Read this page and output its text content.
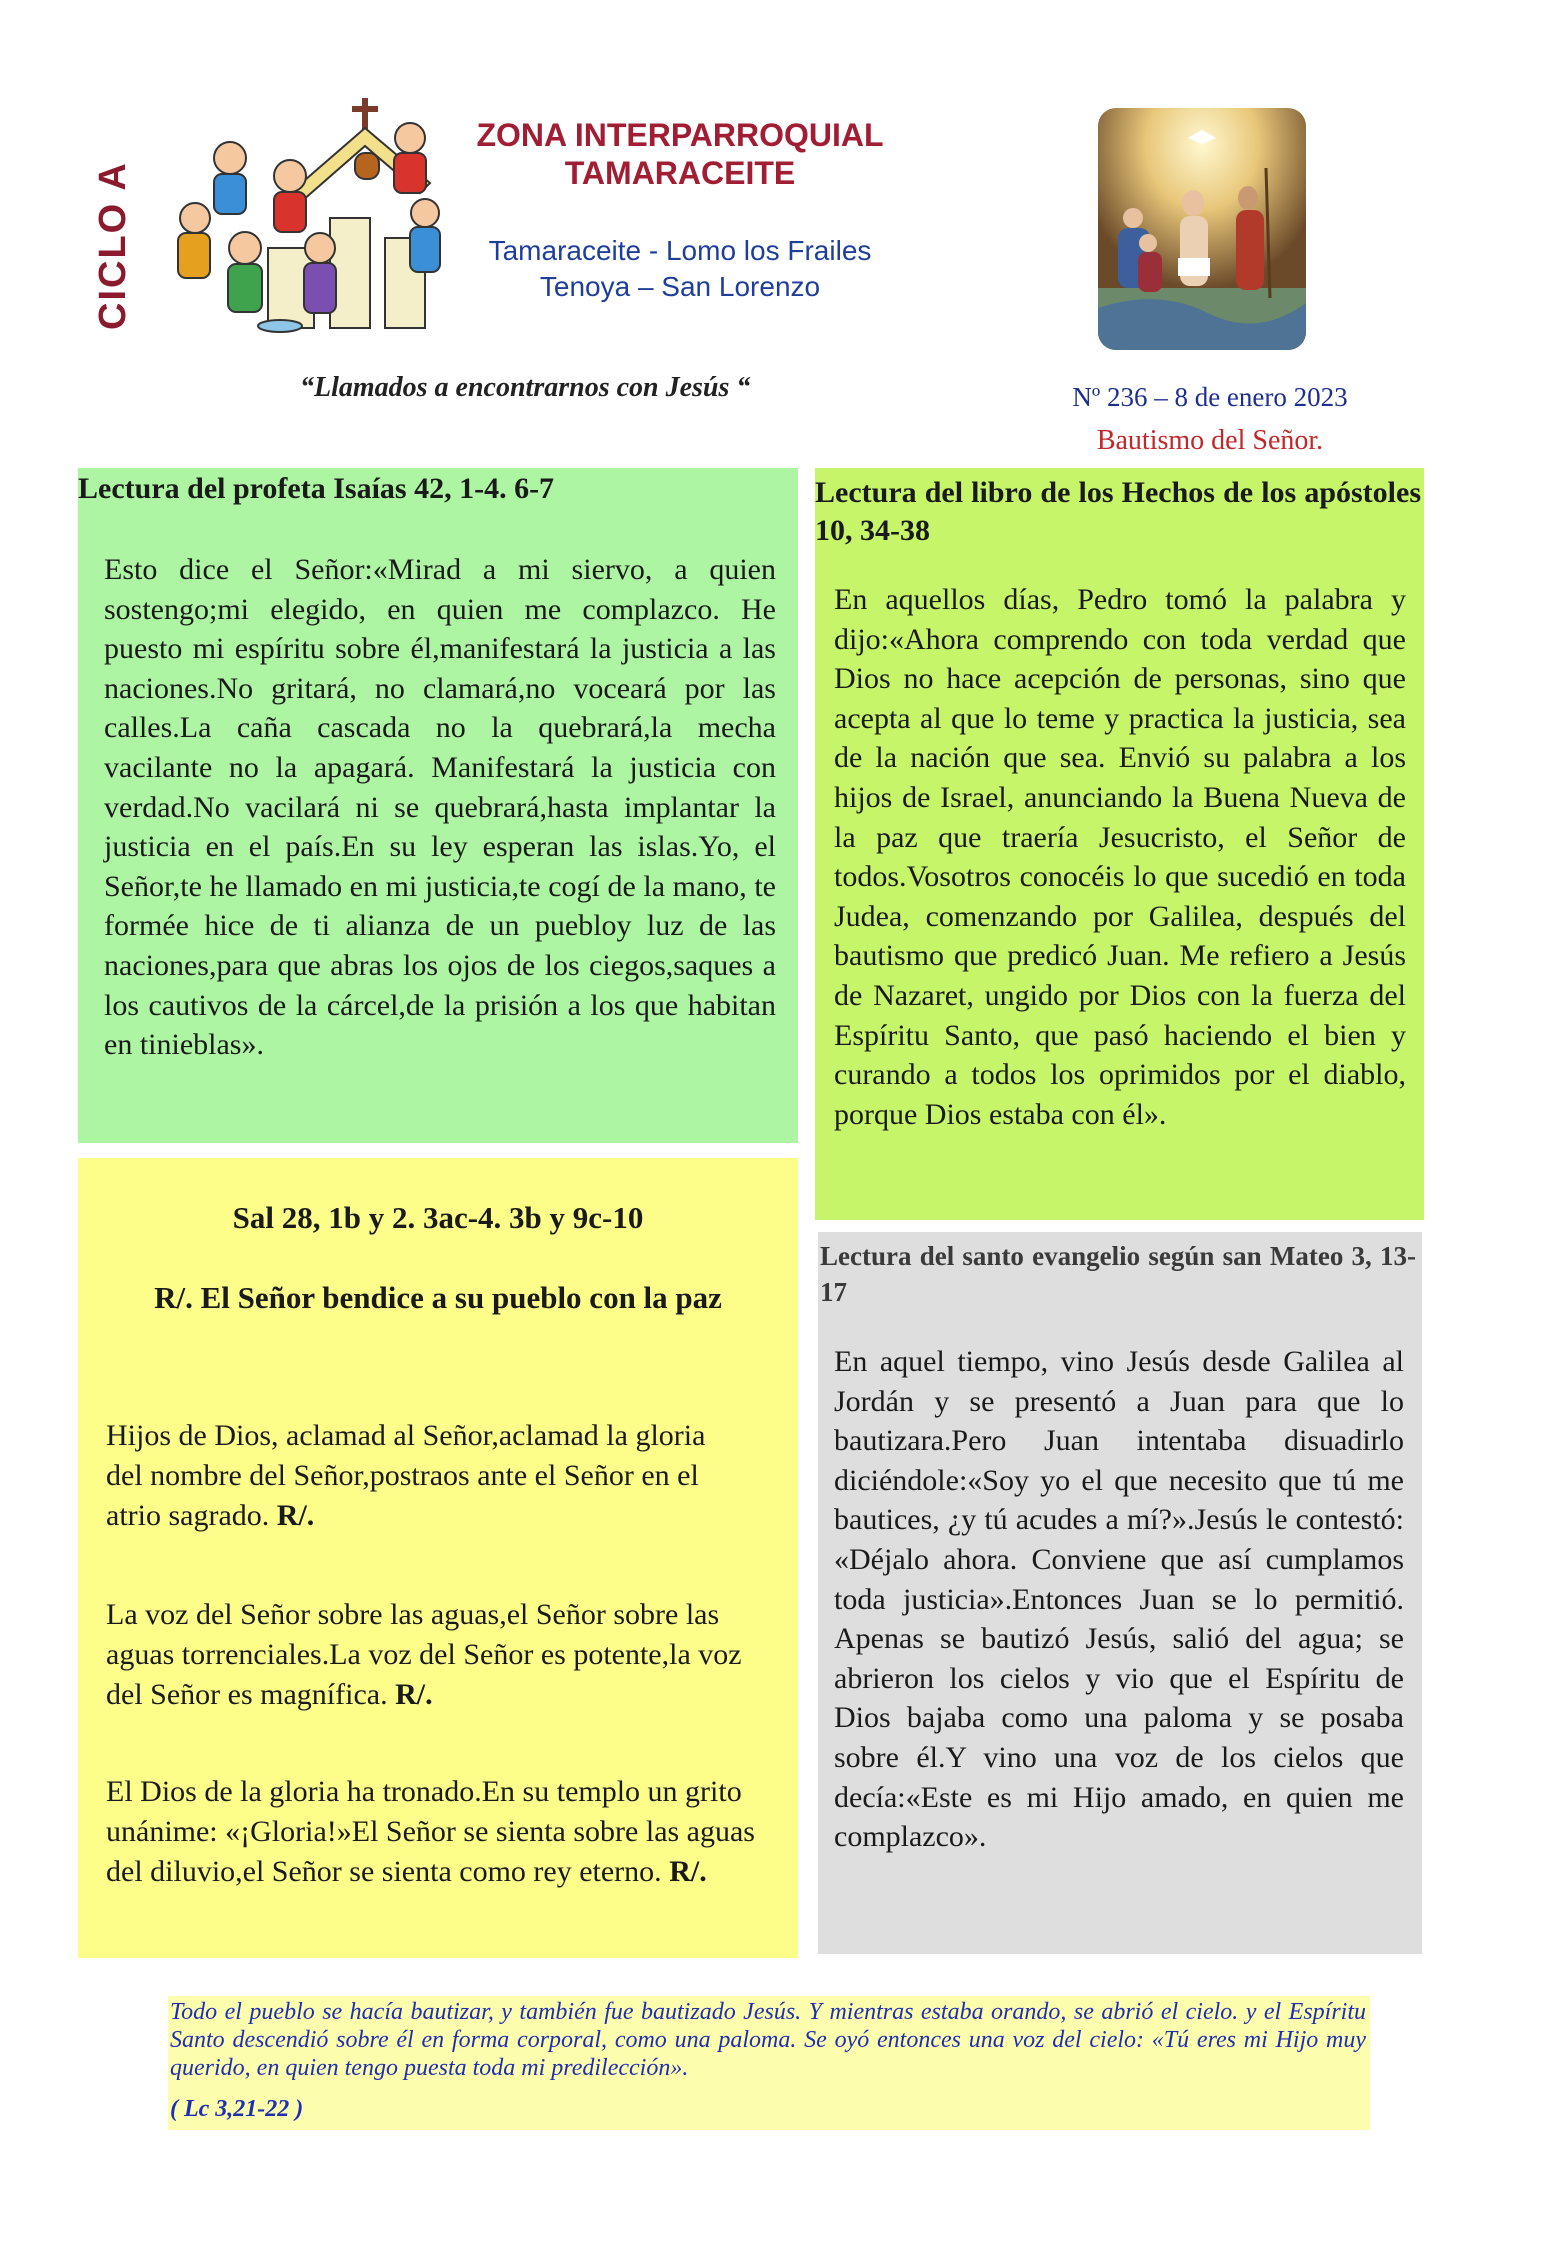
CICLO A
ZONA INTERPARROQUIAL
TAMARACEITE
Tamaraceite - Lomo los Frailes
Tenoya – San Lorenzo
“Llamados a encontrarnos con Jesús “	Nº 236 – 8 de enero 2023
Bautismo del Señor.
Lectura del profeta Isaías 42, 1-4. 6-7
Esto dice el Señor:«Mirad a mi siervo, a quien sostengo;mi elegido, en quien me complazco. He puesto mi espíritu sobre él,manifestará la justicia a las naciones.No gritará, no clamará,no voceará por las calles.La caña cascada no la quebrará,la mecha vacilante no la apagará. Manifestará la justicia con verdad.No vacilará ni se quebrará,hasta implantar la justicia en el país.En su ley esperan las islas.Yo, el Señor,te he llamado en mi justicia,te cogí de la mano, te formée hice de ti alianza de un puebloy luz de las naciones,para que abras los ojos de los ciegos,saques a los cautivos de la cárcel,de la prisión a los que habitan en tinieblas».
Sal 28, 1b y 2. 3ac-4. 3b y 9c-10
R/. El Señor bendice a su pueblo con la paz
Hijos de Dios, aclamad al Señor,aclamad la gloria del nombre del Señor,postraos ante el Señor en el atrio sagrado. R/.
La voz del Señor sobre las aguas,el Señor sobre las aguas torrenciales.La voz del Señor es potente,la voz del Señor es magnífica. R/.
El Dios de la gloria ha tronado.En su templo un grito unánime: «¡Gloria!»El Señor se sienta sobre las aguas del diluvio,el Señor se sienta como rey eterno. R/.
Lectura del libro de los Hechos de los apóstoles 10, 34-38
En aquellos días, Pedro tomó la palabra y dijo:«Ahora comprendo con toda verdad que Dios no hace acepción de personas, sino que acepta al que lo teme y practica la justicia, sea de la nación que sea. Envió su palabra a los hijos de Israel, anunciando la Buena Nueva de la paz que traería Jesucristo, el Señor de todos.Vosotros conocéis lo que sucedió en toda Judea, comenzando por Galilea, después del bautismo que predicó Juan. Me refiero a Jesús de Nazaret, ungido por Dios con la fuerza del Espíritu Santo, que pasó haciendo el bien y curando a todos los oprimidos por el diablo, porque Dios estaba con él».
Lectura del santo evangelio según san Mateo 3, 13-17
En aquel tiempo, vino Jesús desde Galilea al Jordán y se presentó a Juan para que lo bautizara.Pero Juan intentaba disuadirlo diciéndole:«Soy yo el que necesito que tú me bautices, ¿y tú acudes a mí?».Jesús le contestó: «Déjalo ahora. Conviene que así cumplamos toda justicia».Entonces Juan se lo permitió. Apenas se bautizó Jesús, salió del agua; se abrieron los cielos y vio que el Espíritu de Dios bajaba como una paloma y se posaba sobre él.Y vino una voz de los cielos que decía:«Este es mi Hijo amado, en quien me complazco».
Todo el pueblo se hacía bautizar, y también fue bautizado Jesús. Y mientras estaba orando, se abrió el cielo. y el Espíritu Santo descendió sobre él en forma corporal, como una paloma. Se oyó entonces una voz del cielo: «Tú eres mi Hijo muy querido, en quien tengo puesta toda mi predilección».
( Lc 3,21-22 )
